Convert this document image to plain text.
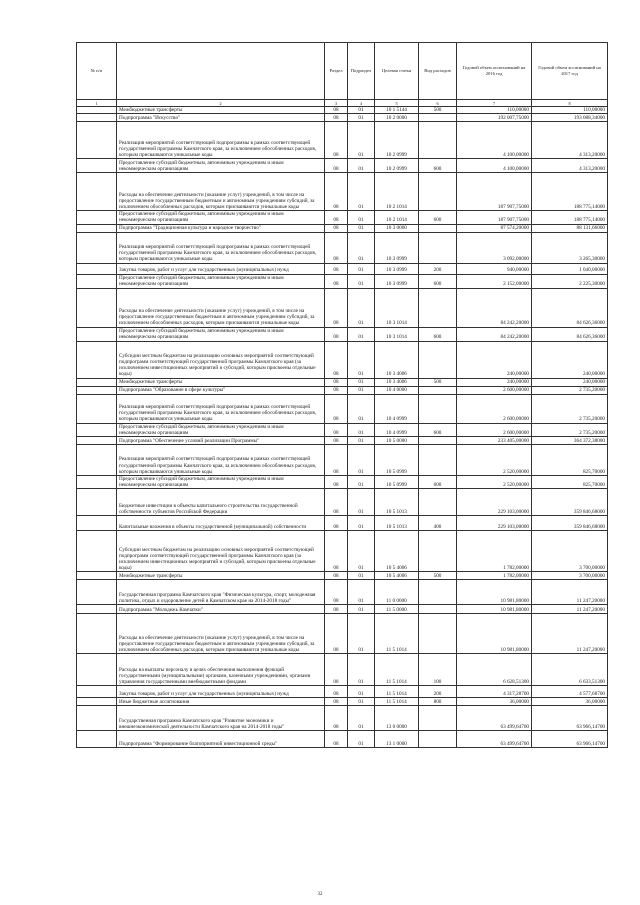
№ п/п		Раздел	Подраздел	Целевая статья	Вид расходов	Годовой объем ассигнований на 2016 год	Годовой объем ассигнований на 2017 год
1	2	3	4	5	6	7	8
	Межбюджетные трансферты	08	01	10 1 5144	500	110,00000	110,00000
	Подпрограмма "Искусство"	08	01	10 2 0000		192 007,75000	193 088,34000
	Реализация мероприятий соответствующей подпрограммы в рамках соответствующей государственной программы Камчатского края, за исключением обособленных расходов, которым присваиваются уникальные коды	08	01	10 2 0999		4 100,00000	4 313,20000
	Предоставление субсидий бюджетным, автономным учреждениям и иным некоммерческим организациям	08	01	10 2 0999	600	4 100,00000	4 313,20000
	Расходы на обеспечение деятельности (оказание услуг) учреждений, в том числе на предоставление государственным бюджетным и автономным учреждениям субсидий, за исключением обособленных расходов, которым присваиваются уникальные коды	08	01	10 2 1014		187 907,75000	188 775,14000
	Предоставление субсидий бюджетным, автономным учреждениям и иным некоммерческим организациям	08	01	10 2 1014	600	187 907,75000	188 775,14000
	Подпрограмма "Традиционная культура и народное творчество"	08	01	10 3 0000		87 574,20000	88 131,66000
	Реализация мероприятий соответствующей подпрограммы в рамках соответствующей государственной программы Камчатского края, за исключением обособленных расходов, которым присваиваются уникальные коды	08	01	10 3 0999		3 092,00000	3 265,30000
	Закупка товаров, работ и услуг для государственных (муниципальных) нужд	08	01	10 3 0999	200	940,00000	1 040,00000
	Предоставление субсидий бюджетным, автономным учреждениям и иным некоммерческим организациям	08	01	10 3 0999	600	2 152,00000	2 225,30000
	Расходы на обеспечение деятельности (оказание услуг) учреждений, в том числе на предоставление государственным бюджетным и автономным учреждениям субсидий, за исключением обособленных расходов, которым присваиваются уникальные коды	08	01	10 3 1014		84 242,20000	84 626,36000
	Предоставление субсидий бюджетным, автономным учреждениям и иным некоммерческим организациям	08	01	10 3 1014	600	84 242,20000	84 626,36000
	Субсидии местным бюджетам на реализацию основных мероприятий соответствующей подпрограмм соответствующей государственной программы Камчатского края (за исключением инвестиционных мероприятий и субсидий, которым присвоены отдельные коды)	08	01	10 3 4006		240,00000	240,00000
	Межбюджетные трансферты	08	01	10 3 4006	500	240,00000	240,00000
	Подпрограмма "Образование в сфере культуры"	08	01	10 4 0000		2 600,00000	2 735,20000
	Реализация мероприятий соответствующей подпрограммы в рамках соответствующей государственной программы Камчатского края, за исключением обособленных расходов, которым присваиваются уникальные коды	08	01	10 4 0999		2 600,00000	2 735,20000
	Предоставление субсидий бюджетным, автономным учреждениям и иным некоммерческим организациям	08	01	10 4 0999	600	2 600,00000	2 735,20000
	Подпрограмма "Обеспечение условий реализации Программы"	08	01	10 5 0000		233 405,00000	364 372,38000
	Реализация мероприятий соответствующей подпрограммы в рамках соответствующей государственной программы Камчатского края, за исключением обособленных расходов, которым присваиваются уникальные коды	08	01	10 5 0999		2 520,00000	825,70000
	Предоставление субсидий бюджетным, автономным учреждениям и иным некоммерческим организациям	08	01	10 5 0999	600	2 520,00000	825,70000
	Бюджетные инвестиции в объекты капитального строительства государственной собственности субъектов Российской Федерации	08	01	10 5 1013		229 103,00000	359 846,68000
	Капитальные вложения в объекты государственной (муниципальной) собственности	08	01	10 5 1013	400	229 103,00000	359 846,68000
	Субсидии местным бюджетам на реализацию основных мероприятий соответствующей подпрограмм соответствующей государственной программы Камчатского края (за исключением инвестиционных мероприятий и субсидий, которым присвоены отдельные коды)	08	01	10 5 4006		1 782,00000	3 700,00000
	Межбюджетные трансферты	08	01	10 5 4006	500	1 782,00000	3 700,00000
	Государственная программа Камчатского края "Физическая культура, спорт, молодежная политика, отдых и оздоровление детей в Камчатском крае на 2014-2018 годы"	08	01	11 0 0000		10 981,80000	11 247,20000
	Подпрограмма "Молодежь Камчатки"	08	01	11 5 0000		10 981,80000	11 247,20000
	Расходы на обеспечение деятельности (оказание услуг) учреждений, в том числе на предоставление государственным бюджетным и автономным учреждениям субсидий, за исключением обособленных расходов, которым присваиваются уникальные коды	08	01	11 5 1014		10 981,80000	11 247,20000
	Расходы на выплаты персоналу в целях обеспечения выполнения функций государственными (муниципальными) органами, казенными учреждениями, органами управления государственными внебюджетными фондами	08	01	11 5 1014	100	6 628,51300	6 633,51300
	Закупка товаров, работ и услуг для государственных (муниципальных) нужд	08	01	11 5 1014	200	4 317,28700	4 577,68700
	Иные бюджетные ассигнования	08	01	11 5 1014	800	36,00000	36,00000
	Государственная программа Камчатского края "Развитие экономики и внешнеэкономической деятельности Камчатского края на 2014-2018 годы"	08	01	13 0 0000		63 499,64700	63 966,14700
	Подпрограмма "Формирование благоприятной инвестиционной среды"	08	01	13 1 0000		63 499,64700	63 966,14700
32
